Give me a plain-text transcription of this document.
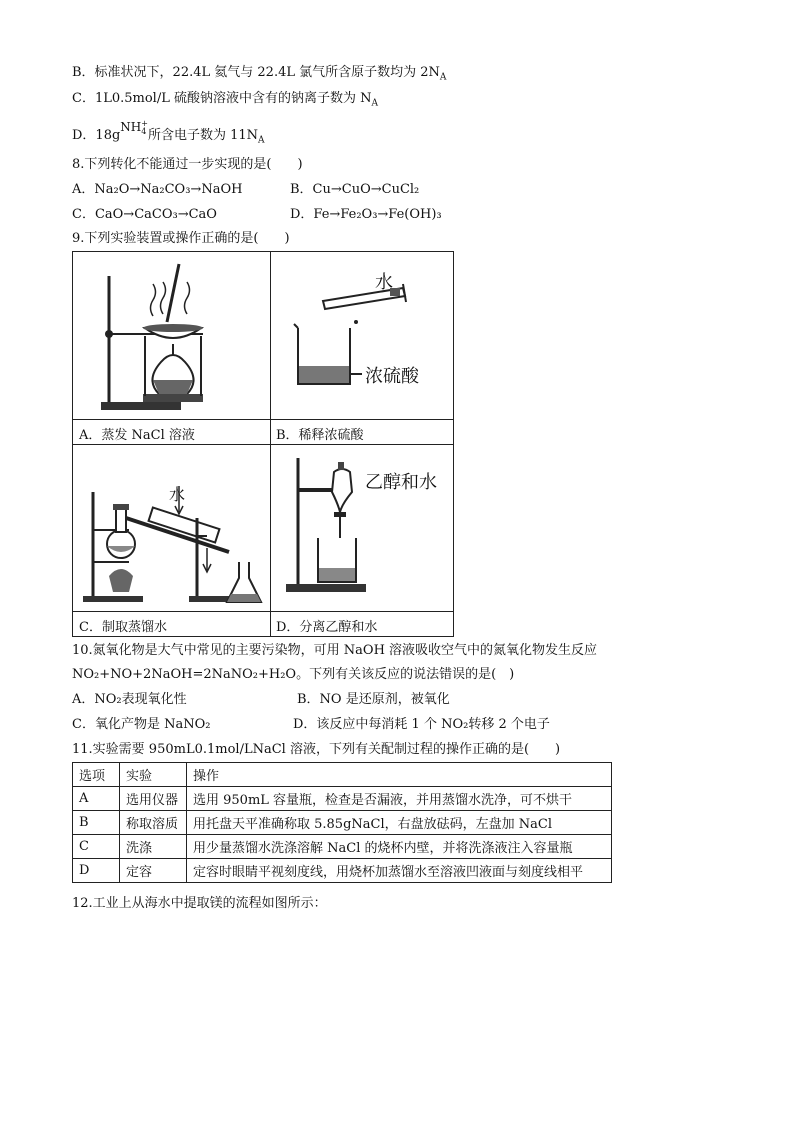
B．标准状况下，22.4L 氦气与 22.4L 氯气所含原子数均为 $2N_A$
C．1L0.5mol/L 硫酸钠溶液中含有的钠离子数为 $N_A$
D．18gNH+
4 所含电子数为 $11N_A$
8.下列转化不能通过一步实现的是(　　)
A．Na₂O→Na₂CO₃→NaOH	B．Cu→CuO→CuCl₂
C．CaO→CaCO₃→CaO	D．Fe→Fe₂O₃→Fe(OH)₃
9.下列实验装置或操作正确的是(　　)
A．蒸发 NaCl 溶液
水
浓硫酸
B．稀释浓硫酸
水
C．制取蒸馏水
乙醇和水
D．分离乙醇和水
10.氮氧化物是大气中常见的主要污染物，可用 NaOH 溶液吸收空气中的氮氧化物发生反应
NO₂+NO+2NaOH=2NaNO₂+H₂O。下列有关该反应的说法错误的是(　)
A．NO₂表现氧化性	B．NO 是还原剂，被氧化
C．氧化产物是 NaNO₂	D．该反应中每消耗 1 个 NO₂转移 2 个电子
11.实验需要 950mL0.1mol/LNaCl 溶液，下列有关配制过程的操作正确的是(　　)
选项	实验	操作
A	选用仪器	选用 950mL 容量瓶，检查是否漏液，并用蒸馏水洗净，可不烘干
B	称取溶质	用托盘天平准确称取 5.85gNaCl，右盘放砝码，左盘加 NaCl
C	洗涤	用少量蒸馏水洗涤溶解 NaCl 的烧杯内壁，并将洗涤液注入容量瓶
D	定容	定容时眼睛平视刻度线，用烧杯加蒸馏水至溶液凹液面与刻度线相平
12.工业上从海水中提取镁的流程如图所示：
